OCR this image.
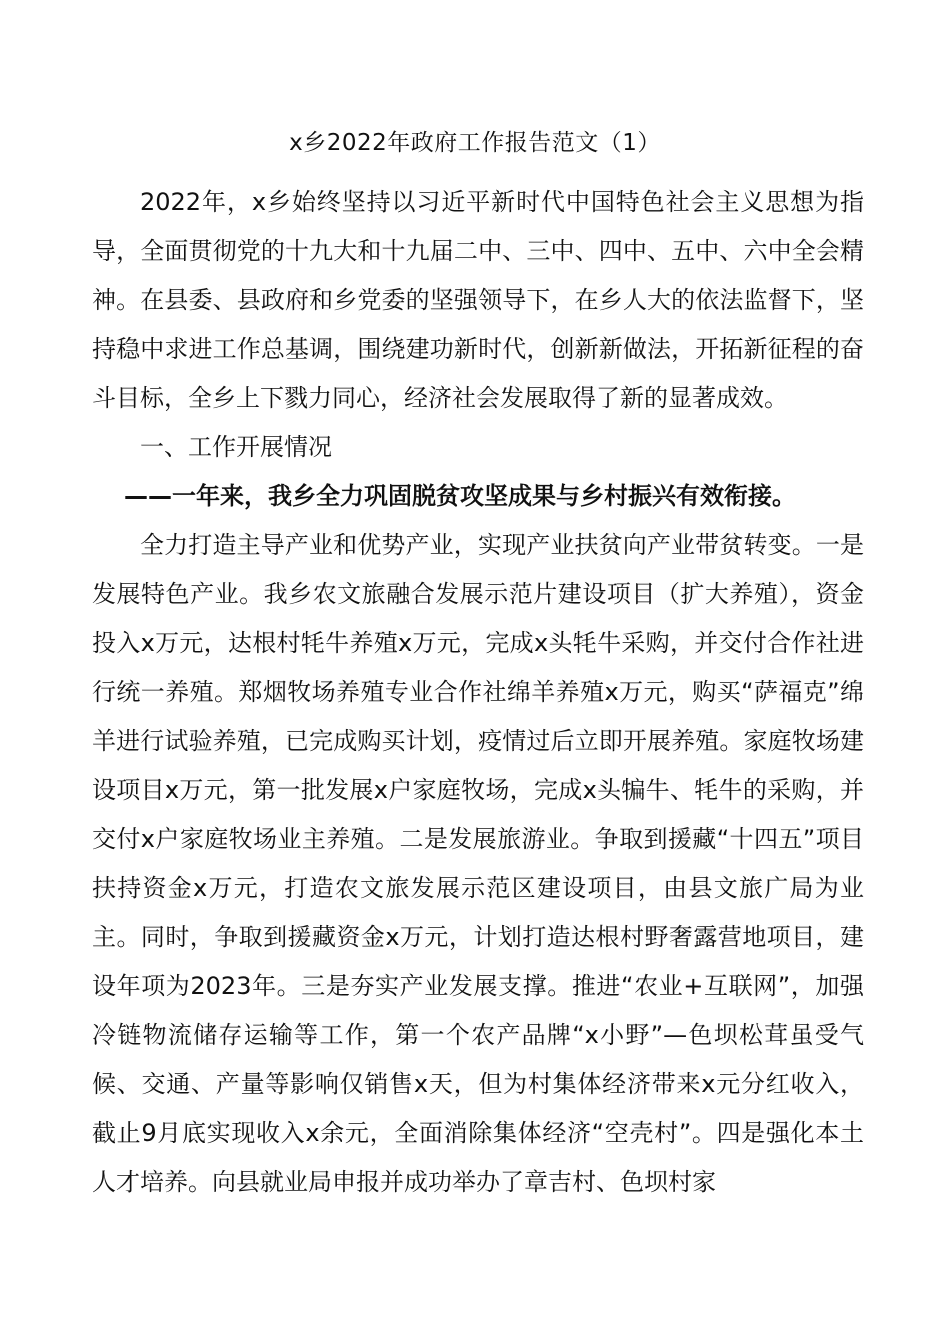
x乡2022年政府工作报告范文（1）

2022年，x乡始终坚持以习近平新时代中国特色社会主义思想为指导，全面贯彻党的十九大和十九届二中、三中、四中、五中、六中全会精神。在县委、县政府和乡党委的坚强领导下，在乡人大的依法监督下，坚持稳中求进工作总基调，围绕建功新时代，创新新做法，开拓新征程的奋斗目标，全乡上下戮力同心，经济社会发展取得了新的显著成效。

一、工作开展情况

——一年来，我乡全力巩固脱贫攻坚成果与乡村振兴有效衔接。

全力打造主导产业和优势产业，实现产业扶贫向产业带贫转变。一是发展特色产业。我乡农文旅融合发展示范片建设项目（扩大养殖），资金投入x万元，达根村牦牛养殖x万元，完成x头牦牛采购，并交付合作社进行统一养殖。郑烟牧场养殖专业合作社绵羊养殖x万元，购买“萨福克”绵羊进行试验养殖，已完成购买计划，疫情过后立即开展养殖。家庭牧场建设项目x万元，第一批发展x户家庭牧场，完成x头犏牛、牦牛的采购，并交付x户家庭牧场业主养殖。二是发展旅游业。争取到援藏“十四五”项目扶持资金x万元，打造农文旅发展示范区建设项目，由县文旅广局为业主。同时，争取到援藏资金x万元，计划打造达根村野奢露营地项目，建设年项为2023年。三是夯实产业发展支撑。推进“农业+互联网”，加强冷链物流储存运输等工作，第一个农产品牌“x小野”—色坝松茸虽受气候、交通、产量等影响仅销售x天，但为村集体经济带来x元分红收入，截止9月底实现收入x余元，全面消除集体经济“空壳村”。四是强化本土人才培养。向县就业局申报并成功举办了章吉村、色坝村家
